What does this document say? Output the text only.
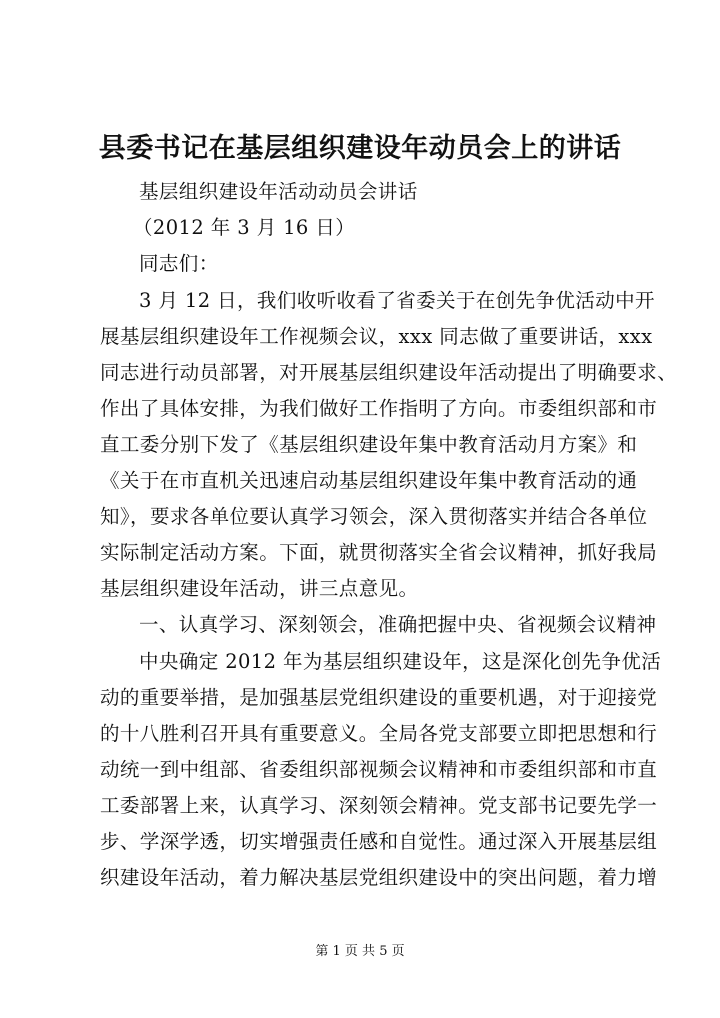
县委书记在基层组织建设年动员会上的讲话
基层组织建设年活动动员会讲话
（2012 年 3 月 16 日）
同志们：
3 月 12 日，我们收听收看了省委关于在创先争优活动中开
展基层组织建设年工作视频会议，xxx 同志做了重要讲话，xxx
同志进行动员部署，对开展基层组织建设年活动提出了明确要求、
作出了具体安排，为我们做好工作指明了方向。市委组织部和市
直工委分别下发了《基层组织建设年集中教育活动月方案》和
《关于在市直机关迅速启动基层组织建设年集中教育活动的通
知》，要求各单位要认真学习领会，深入贯彻落实并结合各单位
实际制定活动方案。下面，就贯彻落实全省会议精神，抓好我局
基层组织建设年活动，讲三点意见。
一、认真学习、深刻领会，准确把握中央、省视频会议精神
中央确定 2012 年为基层组织建设年，这是深化创先争优活
动的重要举措，是加强基层党组织建设的重要机遇，对于迎接党
的十八胜利召开具有重要意义。全局各党支部要立即把思想和行
动统一到中组部、省委组织部视频会议精神和市委组织部和市直
工委部署上来，认真学习、深刻领会精神。党支部书记要先学一
步、学深学透，切实增强责任感和自觉性。通过深入开展基层组
织建设年活动，着力解决基层党组织建设中的突出问题，着力增
第 1 页 共 5 页
